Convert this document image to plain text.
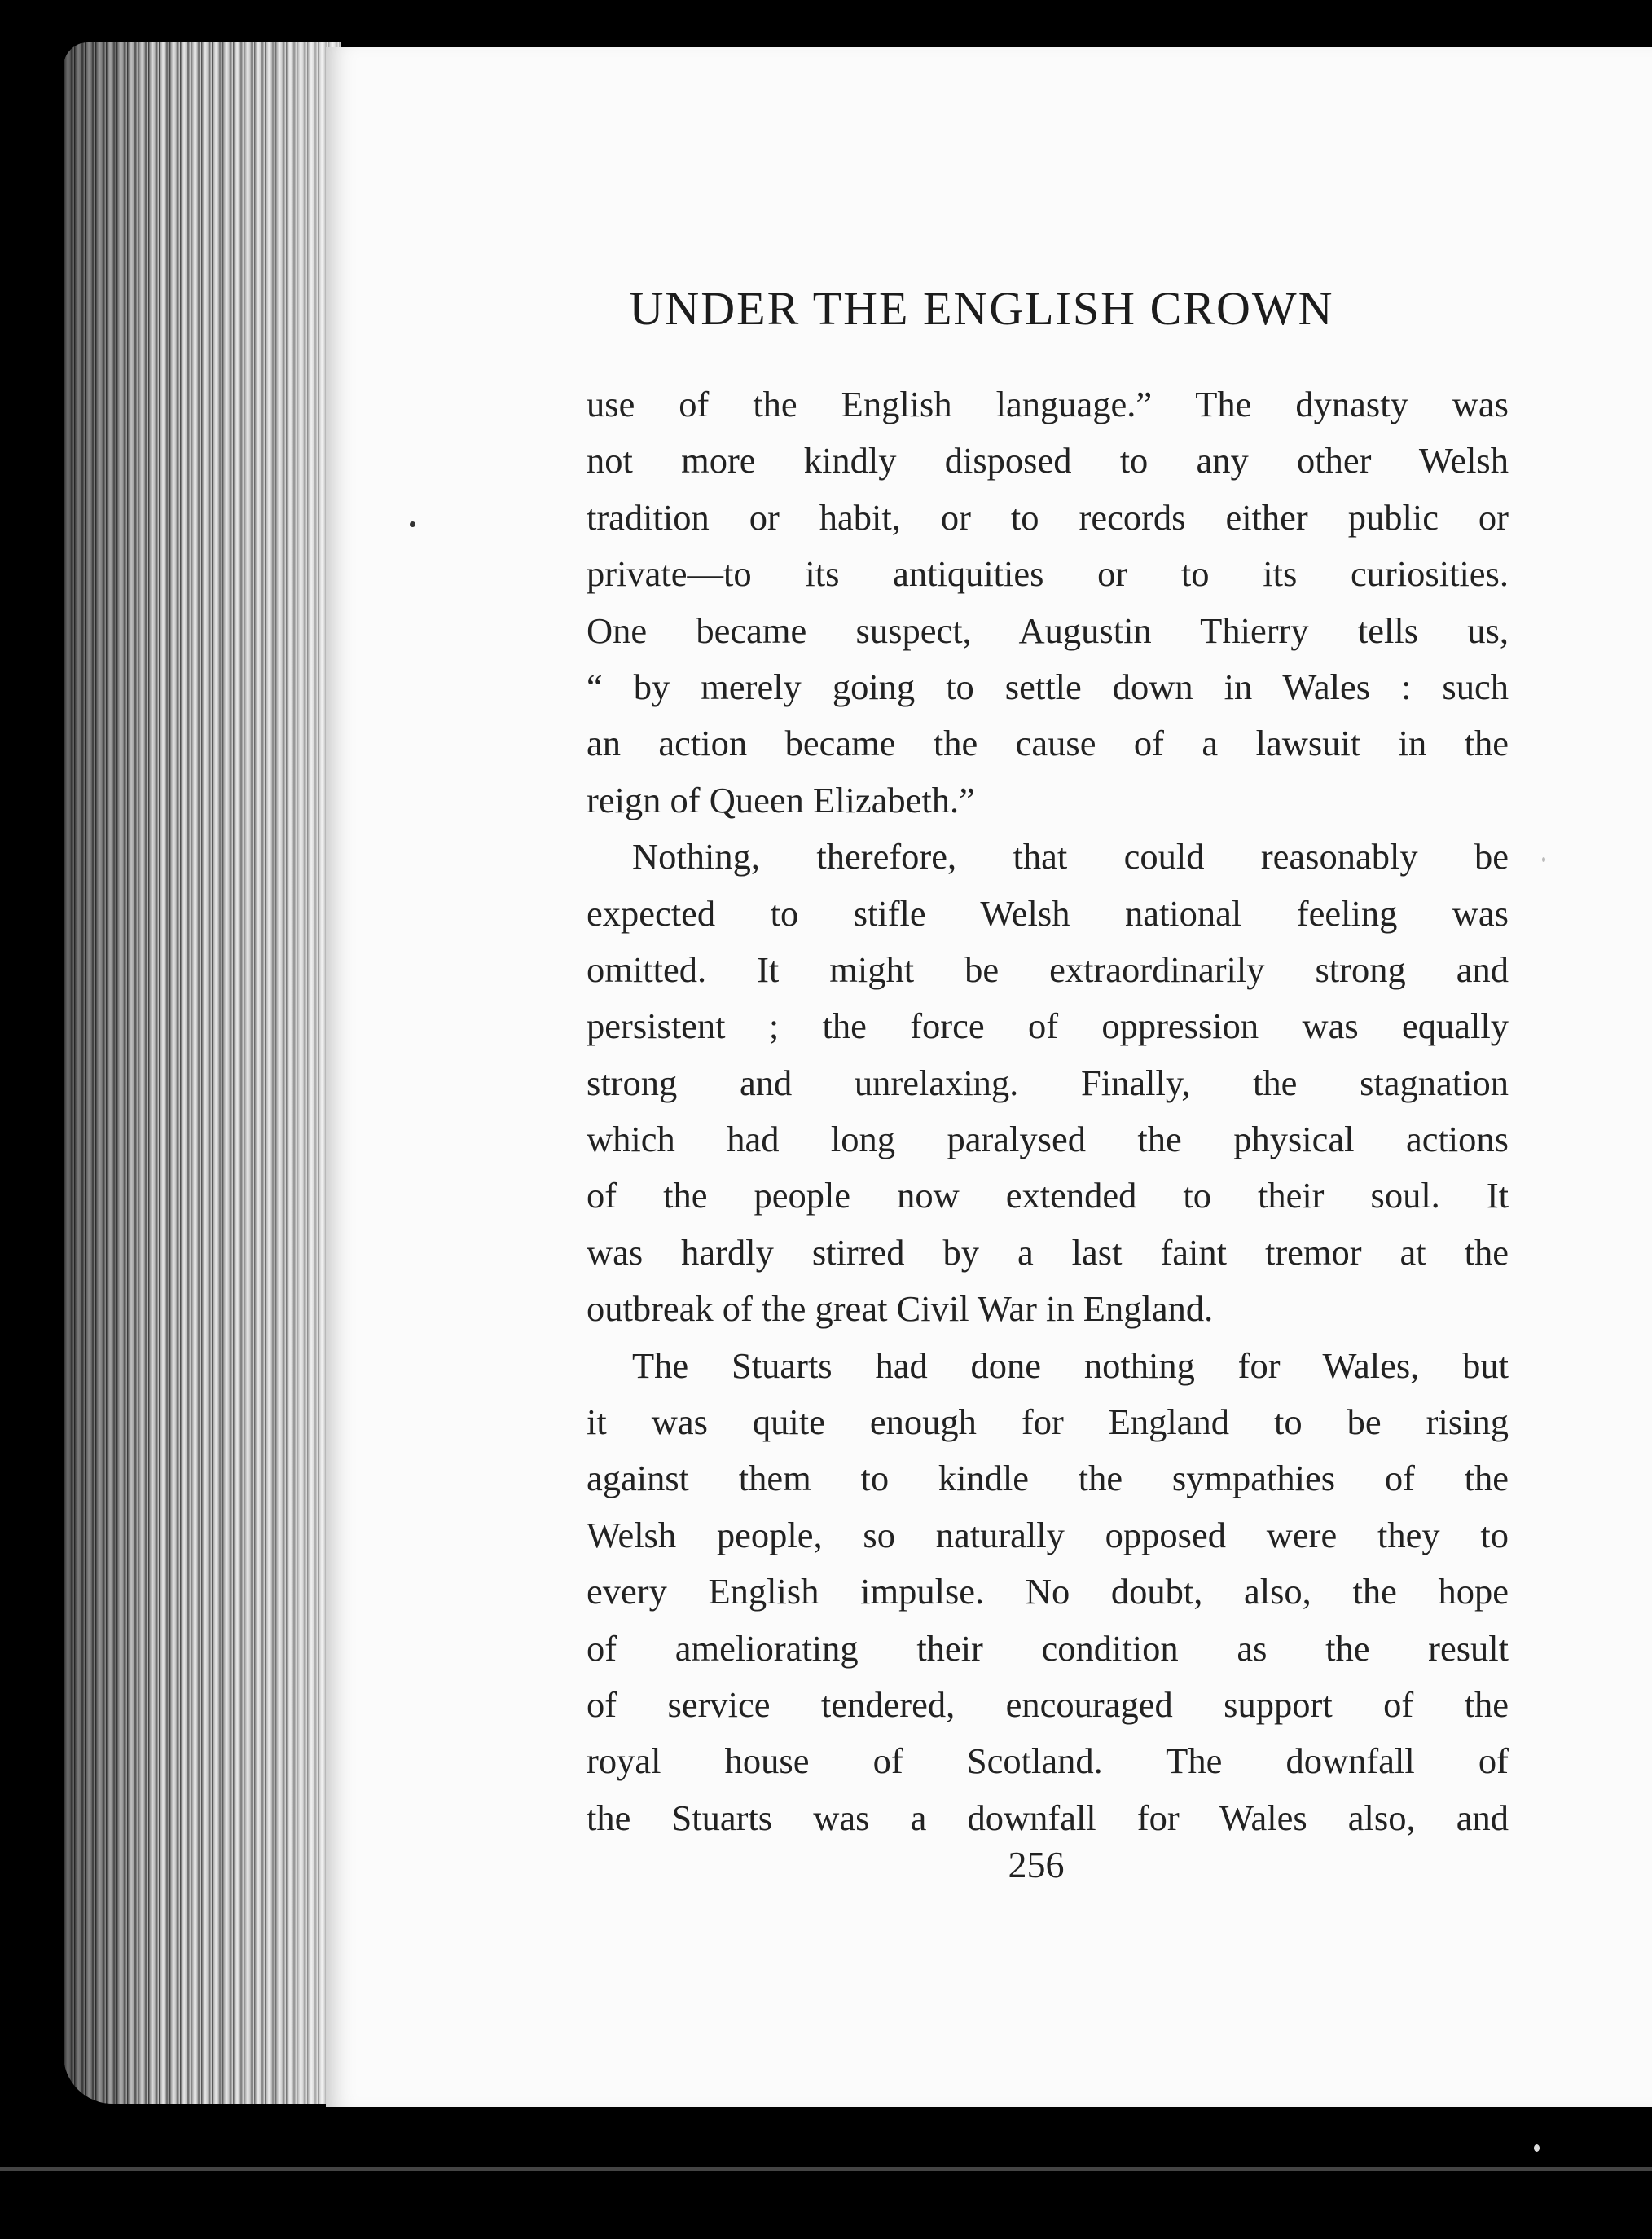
UNDER THE ENGLISH CROWN
use of the English language.” The dynasty was
not more kindly disposed to any other Welsh
tradition or habit, or to records either public or
private—to its antiquities or to its curiosities.
One became suspect, Augustin Thierry tells us,
“ by merely going to settle down in Wales : such
an action became the cause of a lawsuit in the
reign of Queen Elizabeth.”
Nothing, therefore, that could reasonably be
expected to stifle Welsh national feeling was
omitted. It might be extraordinarily strong and
persistent ; the force of oppression was equally
strong and unrelaxing. Finally, the stagnation
which had long paralysed the physical actions
of the people now extended to their soul. It
was hardly stirred by a last faint tremor at the
outbreak of the great Civil War in England.
The Stuarts had done nothing for Wales, but
it was quite enough for England to be rising
against them to kindle the sympathies of the
Welsh people, so naturally opposed were they to
every English impulse. No doubt, also, the hope
of ameliorating their condition as the result
of service tendered, encouraged support of the
royal house of Scotland. The downfall of
the Stuarts was a downfall for Wales also, and
256
